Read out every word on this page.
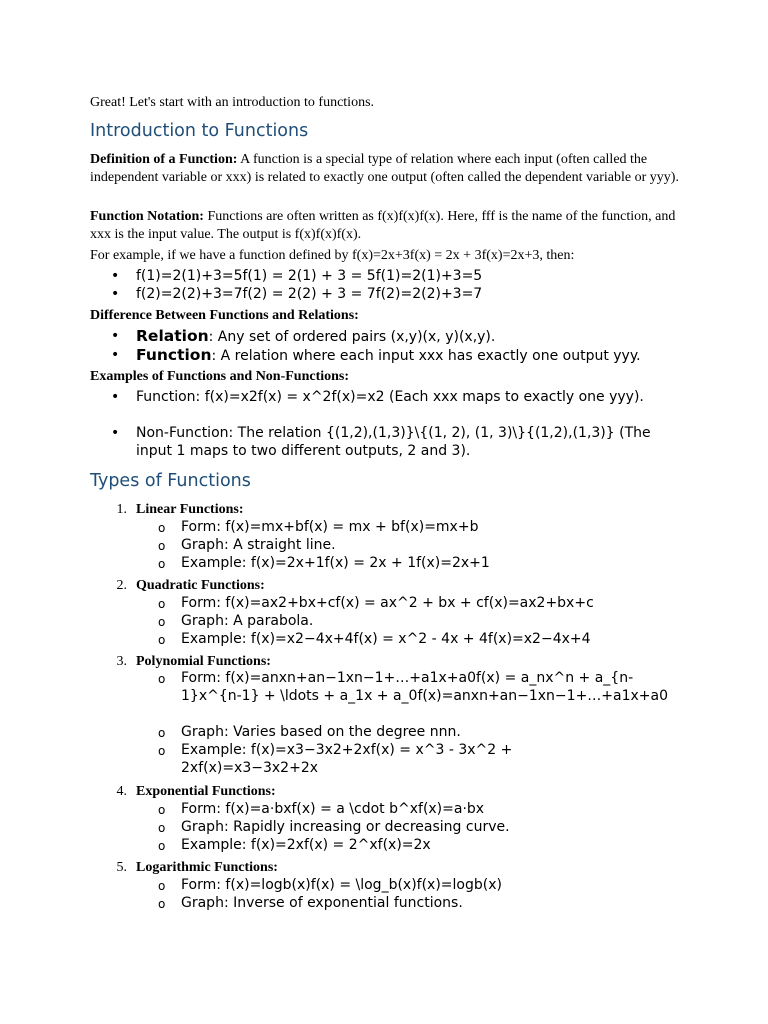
Great! Let's start with an introduction to functions.

Introduction to Functions

Definition of a Function: A function is a special type of relation where each input (often called the independent variable or xxx) is related to exactly one output (often called the dependent variable or yyy).

Function Notation: Functions are often written as f(x)f(x)f(x). Here, fff is the name of the function, and xxx is the input value. The output is f(x)f(x)f(x).

For example, if we have a function defined by f(x)=2x+3f(x) = 2x + 3f(x)=2x+3, then:

• f(1)=2(1)+3=5f(1) = 2(1) + 3 = 5f(1)=2(1)+3=5
• f(2)=2(2)+3=7f(2) = 2(2) + 3 = 7f(2)=2(2)+3=7

Difference Between Functions and Relations:

• Relation: Any set of ordered pairs (x,y)(x, y)(x,y).
• Function: A relation where each input xxx has exactly one output yyy.

Examples of Functions and Non-Functions:

• Function: f(x)=x2f(x) = x^2f(x)=x2 (Each xxx maps to exactly one yyy).
• Non-Function: The relation {(1,2),(1,3)}\{(1, 2), (1, 3)\}{(1,2),(1,3)} (The input 1 maps to two different outputs, 2 and 3).
Types of Functions
1. Linear Functions:
o Form: f(x)=mx+bf(x) = mx + bf(x)=mx+b
o Graph: A straight line.
o Example: f(x)=2x+1f(x) = 2x + 1f(x)=2x+1
2. Quadratic Functions:
o Form: f(x)=ax2+bx+cf(x) = ax^2 + bx + cf(x)=ax2+bx+c
o Graph: A parabola.
o Example: f(x)=x2−4x+4f(x) = x^2 - 4x + 4f(x)=x2−4x+4
3. Polynomial Functions:
o Form: f(x)=anxn+an−1xn−1+…+a1x+a0f(x) = a_nx^n + a_{n-1}x^{n-1} + \ldots + a_1x + a_0f(x)=anxn+an−1xn−1+…+a1x+a0
o Graph: Varies based on the degree nnn.
o Example: f(x)=x3−3x2+2xf(x) = x^3 - 3x^2 + 2xf(x)=x3−3x2+2x
4. Exponential Functions:
o Form: f(x)=a⋅bxf(x) = a \cdot b^xf(x)=a⋅bx
o Graph: Rapidly increasing or decreasing curve.
o Example: f(x)=2xf(x) = 2^xf(x)=2x
5. Logarithmic Functions:
o Form: f(x)=logb(x)f(x) = \log_b(x)f(x)=logb(x)
o Graph: Inverse of exponential functions.
